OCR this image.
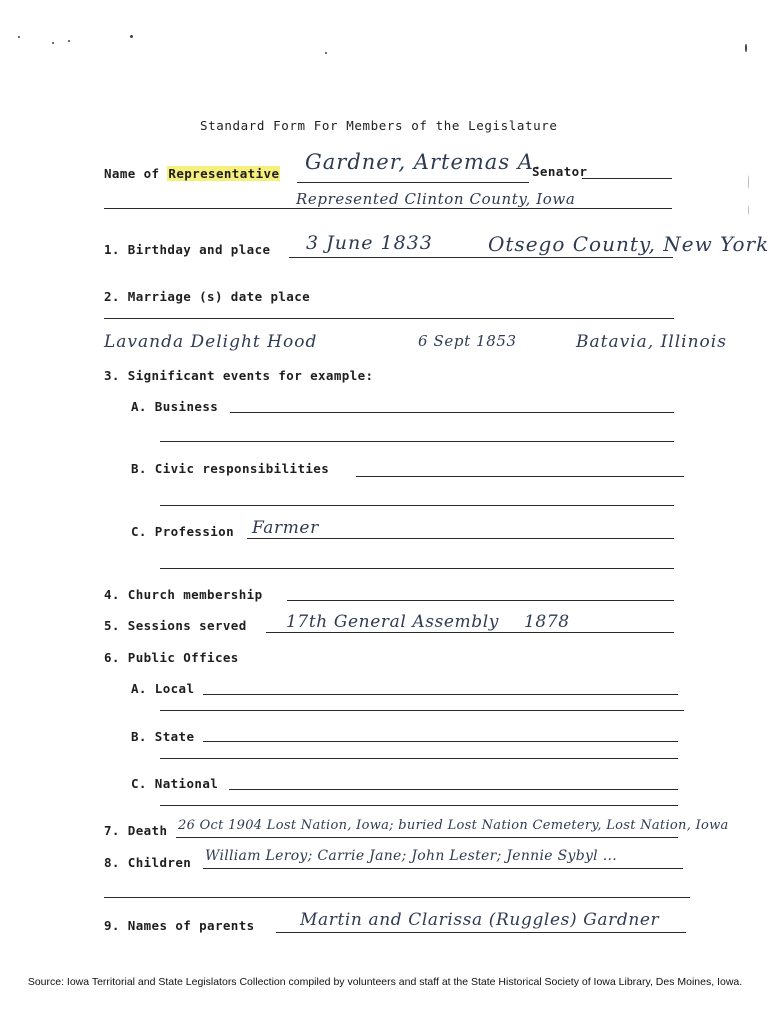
Standard Form For Members of the Legislature
Name of Representative Gardner, Artemas A.
Senator
Represented Clinton County, Iowa
1. Birthday and place 3 June 1833	Otsego County, New York
2. Marriage (s) date place
Lavanda Delight Hood	6 Sept 1853	Batavia, Illinois
3. Significant events for example:
A. Business
B. Civic responsibilities
C. Profession Farmer
4. Church membership
5. Sessions served 17th General Assembly 1878
6. Public Offices
A. Local
B. State
C. National
7. Death 26 Oct 1904 Lost Nation, Iowa; buried Lost Nation Cemetery, Lost Nation, Iowa
8. Children William Leroy; Carrie Jane; John Lester; Jennie Sybyl ...
9. Names of parents	Martin and Clarissa (Ruggles) Gardner
Source: Iowa Territorial and State Legislators Collection compiled by volunteers and staff at the State Historical Society of Iowa Library, Des Moines, Iowa.
